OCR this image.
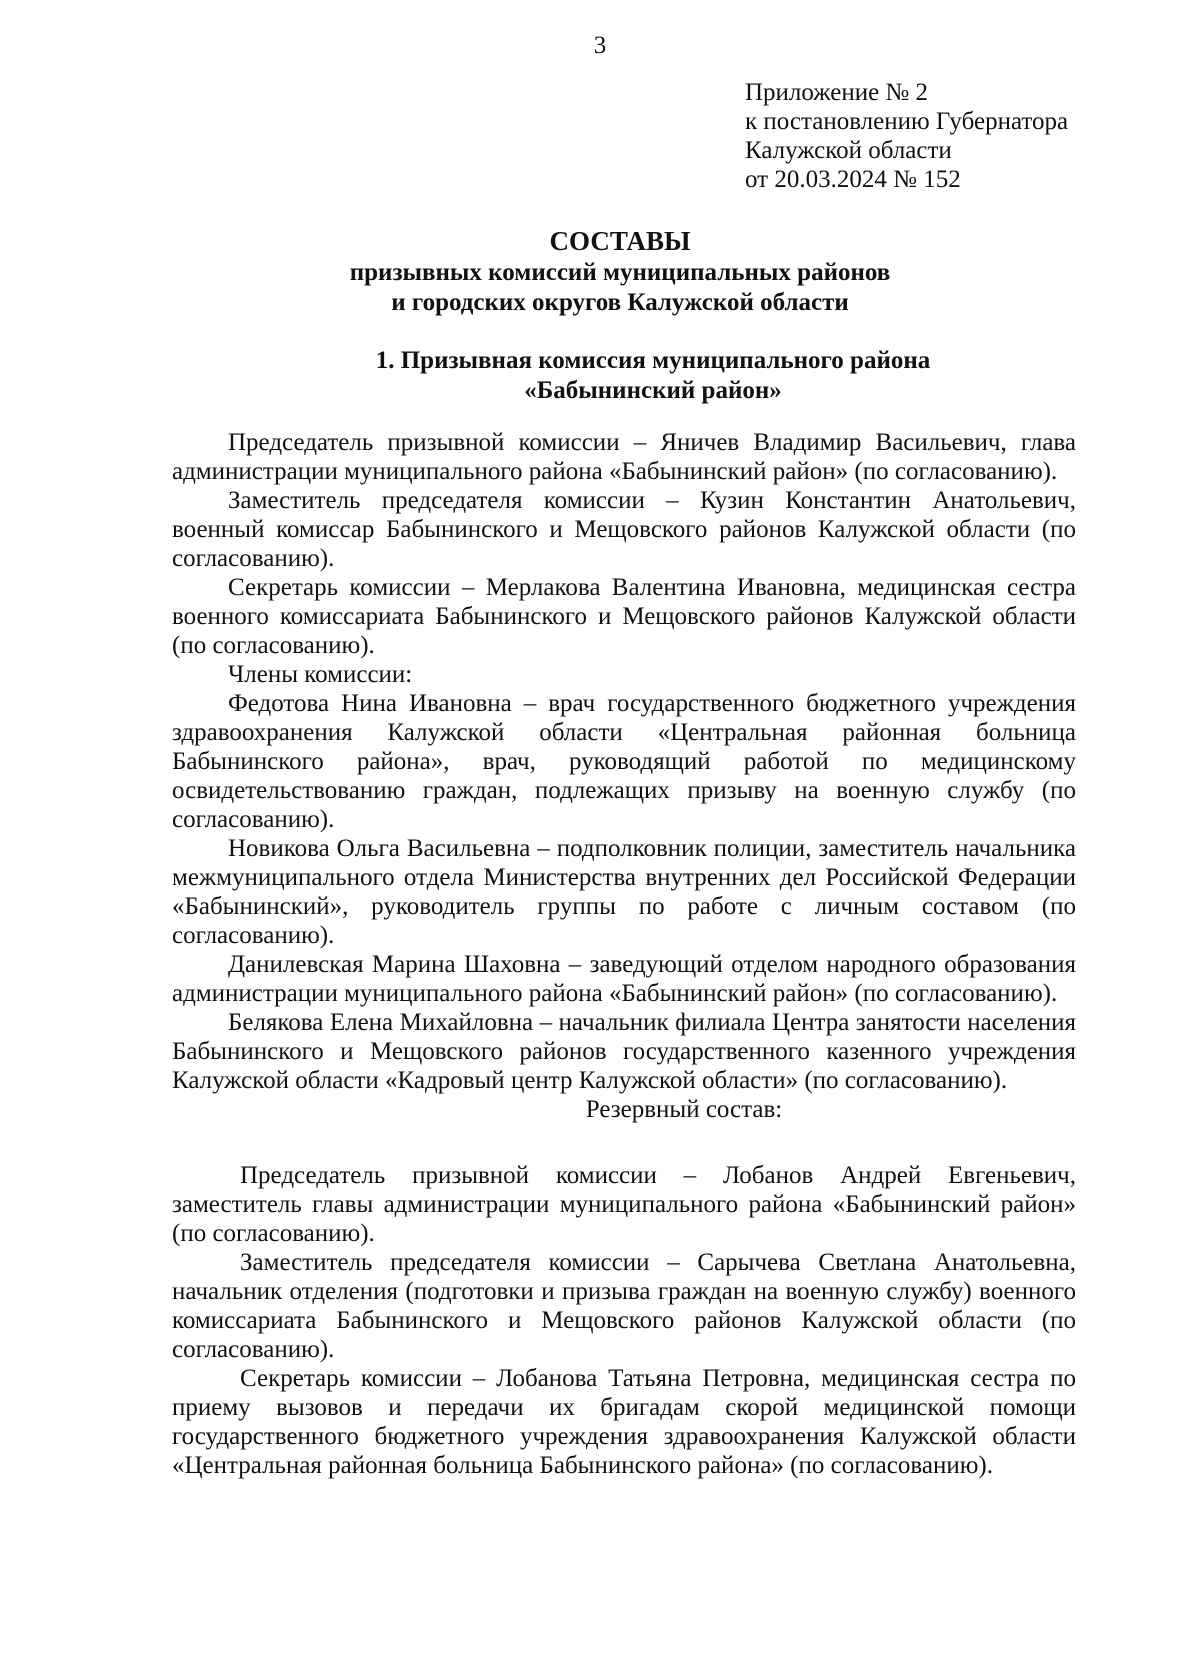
3
Приложение № 2
к постановлению Губернатора
Калужской области
от 20.03.2024 № 152
СОСТАВЫ
призывных комиссий муниципальных районов
и городских округов Калужской области
1. Призывная комиссия муниципального района
«Бабынинский район»

Председатель призывной комиссии – Яничев Владимир Васильевич, глава администрации муниципального района «Бабынинский район» (по согласованию).

Заместитель председателя комиссии – Кузин Константин Анатольевич, военный комиссар Бабынинского и Мещовского районов Калужской области (по согласованию).

Секретарь комиссии – Мерлакова Валентина Ивановна, медицинская сестра военного комиссариата Бабынинского и Мещовского районов Калужской области (по согласованию).

Члены комиссии:

Федотова Нина Ивановна – врач государственного бюджетного учреждения здравоохранения Калужской области «Центральная районная больница Бабынинского района», врач, руководящий работой по медицинскому освидетельствованию граждан, подлежащих призыву на военную службу (по согласованию).

Новикова Ольга Васильевна – подполковник полиции, заместитель начальника межмуниципального отдела Министерства внутренних дел Российской Федерации «Бабынинский», руководитель группы по работе с личным составом (по согласованию).

Данилевская Марина Шаховна – заведующий отделом народного образования администрации муниципального района «Бабынинский район» (по согласованию).

Белякова Елена Михайловна – начальник филиала Центра занятости населения Бабынинского и Мещовского районов государственного казенного учреждения Калужской области «Кадровый центр Калужской области» (по согласованию).

Резервный состав:

Председатель призывной комиссии – Лобанов Андрей Евгеньевич, заместитель главы администрации муниципального района «Бабынинский район» (по согласованию).

Заместитель председателя комиссии – Сарычева Светлана Анатольевна, начальник отделения (подготовки и призыва граждан на военную службу) военного комиссариата Бабынинского и Мещовского районов Калужской области (по согласованию).

Секретарь комиссии – Лобанова Татьяна Петровна, медицинская сестра по приему вызовов и передачи их бригадам скорой медицинской помощи государственного бюджетного учреждения здравоохранения Калужской области «Центральная районная больница Бабынинского района» (по согласованию).
